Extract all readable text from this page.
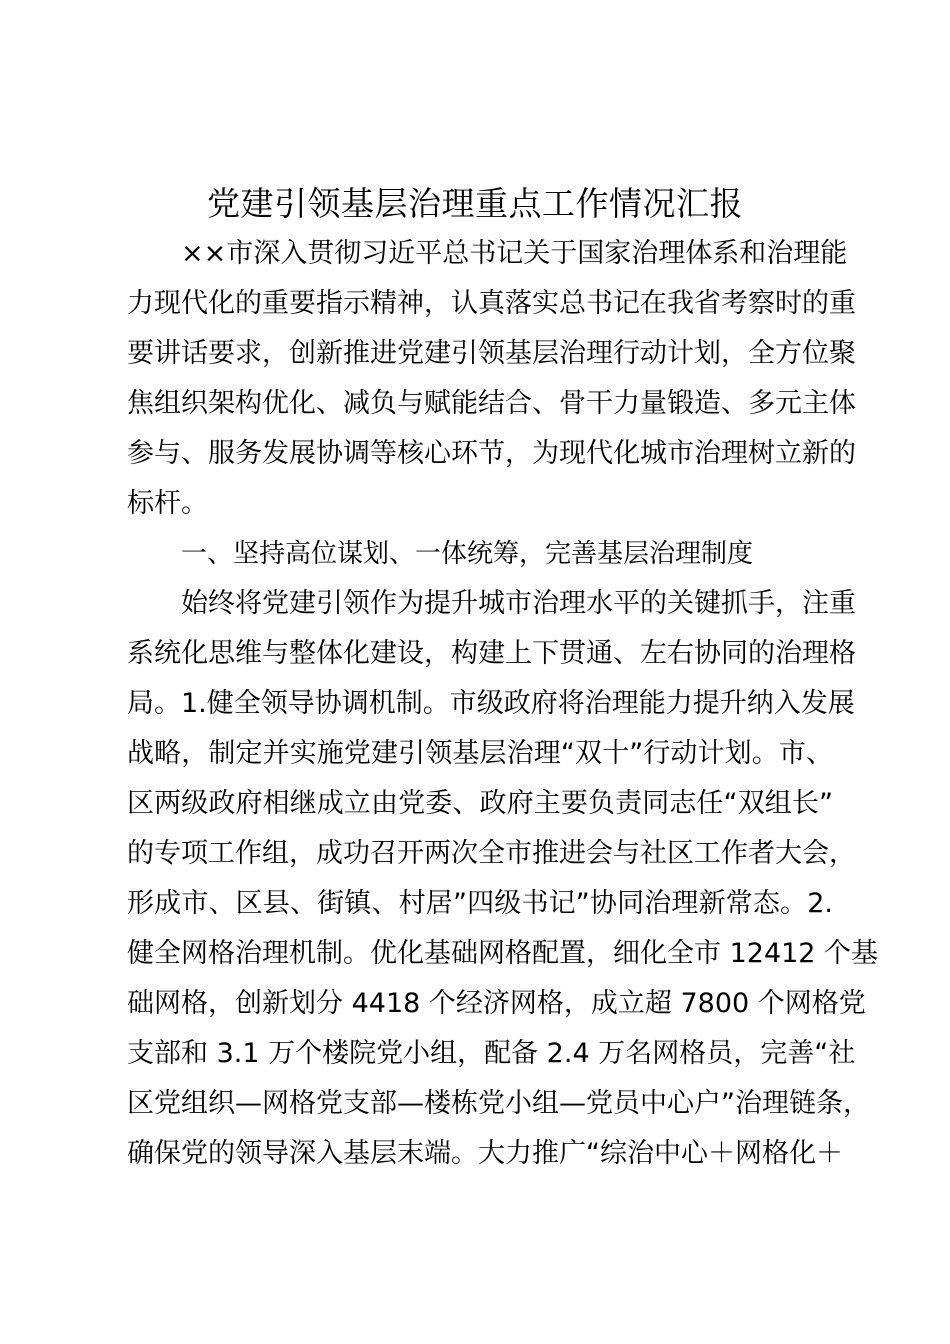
党建引领基层治理重点工作情况汇报
××市深入贯彻习近平总书记关于国家治理体系和治理能
力现代化的重要指示精神，认真落实总书记在我省考察时的重
要讲话要求，创新推进党建引领基层治理行动计划，全方位聚
焦组织架构优化、减负与赋能结合、骨干力量锻造、多元主体
参与、服务发展协调等核心环节，为现代化城市治理树立新的
标杆。
一、坚持高位谋划、一体统筹，完善基层治理制度
始终将党建引领作为提升城市治理水平的关键抓手，注重
系统化思维与整体化建设，构建上下贯通、左右协同的治理格
局。1.健全领导协调机制。市级政府将治理能力提升纳入发展
战略，制定并实施党建引领基层治理“双十”行动计划。市、
区两级政府相继成立由党委、政府主要负责同志任“双组长”
的专项工作组，成功召开两次全市推进会与社区工作者大会，
形成市、区县、街镇、村居”四级书记”协同治理新常态。2.
健全网格治理机制。优化基础网格配置，细化全市 12412 个基
础网格，创新划分 4418 个经济网格，成立超 7800 个网格党
支部和 3.1 万个楼院党小组，配备 2.4 万名网格员，完善“社
区党组织—网格党支部—楼栋党小组—党员中心户”治理链条，
确保党的领导深入基层末端。大力推广“综治中心＋网格化＋
